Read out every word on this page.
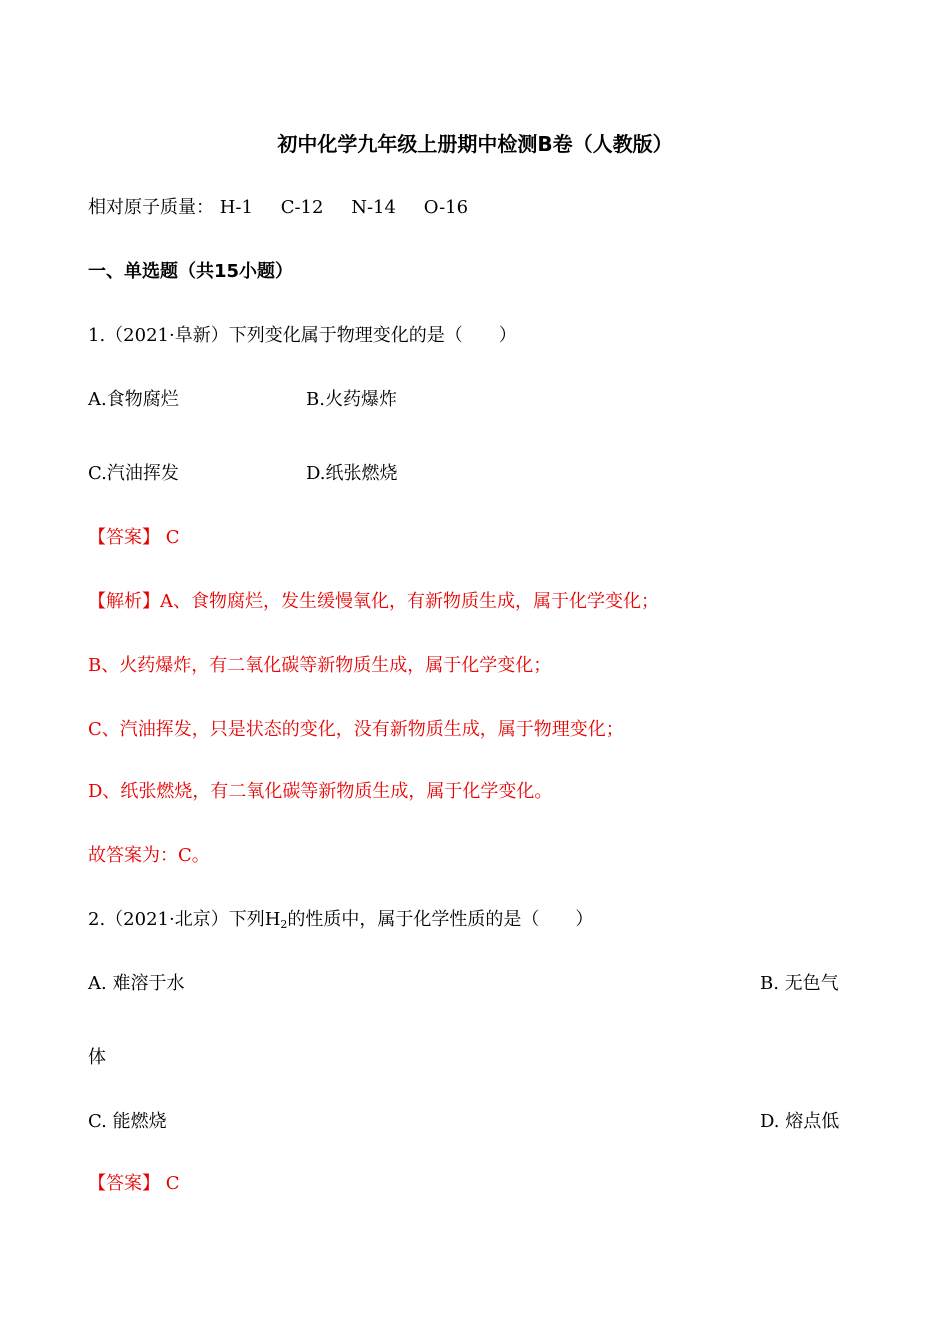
初中化学九年级上册期中检测B卷（人教版）
相对原子质量： H-1 C-12 N-14 O-16
一、单选题（共15小题）
1.（2021·阜新）下列变化属于物理变化的是（　　）
A.食物腐烂	B.火药爆炸
C.汽油挥发	D.纸张燃烧
【答案】 C
【解析】A、食物腐烂，发生缓慢氧化，有新物质生成，属于化学变化；
B、火药爆炸，有二氧化碳等新物质生成，属于化学变化；
C、汽油挥发，只是状态的变化，没有新物质生成，属于物理变化；
D、纸张燃烧，有二氧化碳等新物质生成，属于化学变化。
故答案为：C。
2.（2021·北京）下列$H_2$的性质中，属于化学性质的是（　　）
A. 难溶于水	B. 无色气
体
C. 能燃烧	D. 熔点低
【答案】 C
